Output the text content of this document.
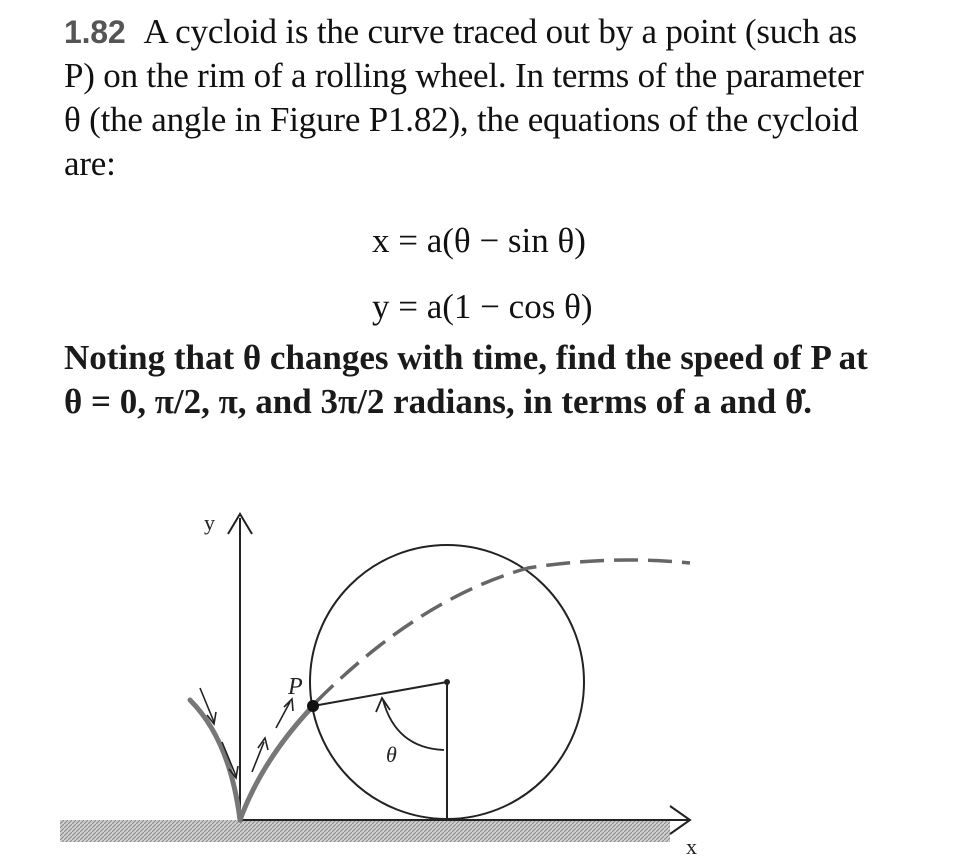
1.82 A cycloid is the curve traced out by a point (such as
P) on the rim of a rolling wheel. In terms of the parameter
θ (the angle in Figure P1.82), the equations of the cycloid
are:
x = a(θ − sin θ)
y = a(1 − cos θ)
Noting that θ changes with time, find the speed of P at
θ = 0, π/2, π, and 3π/2 radians, in terms of a and θ̇.
x
y
θ
P
